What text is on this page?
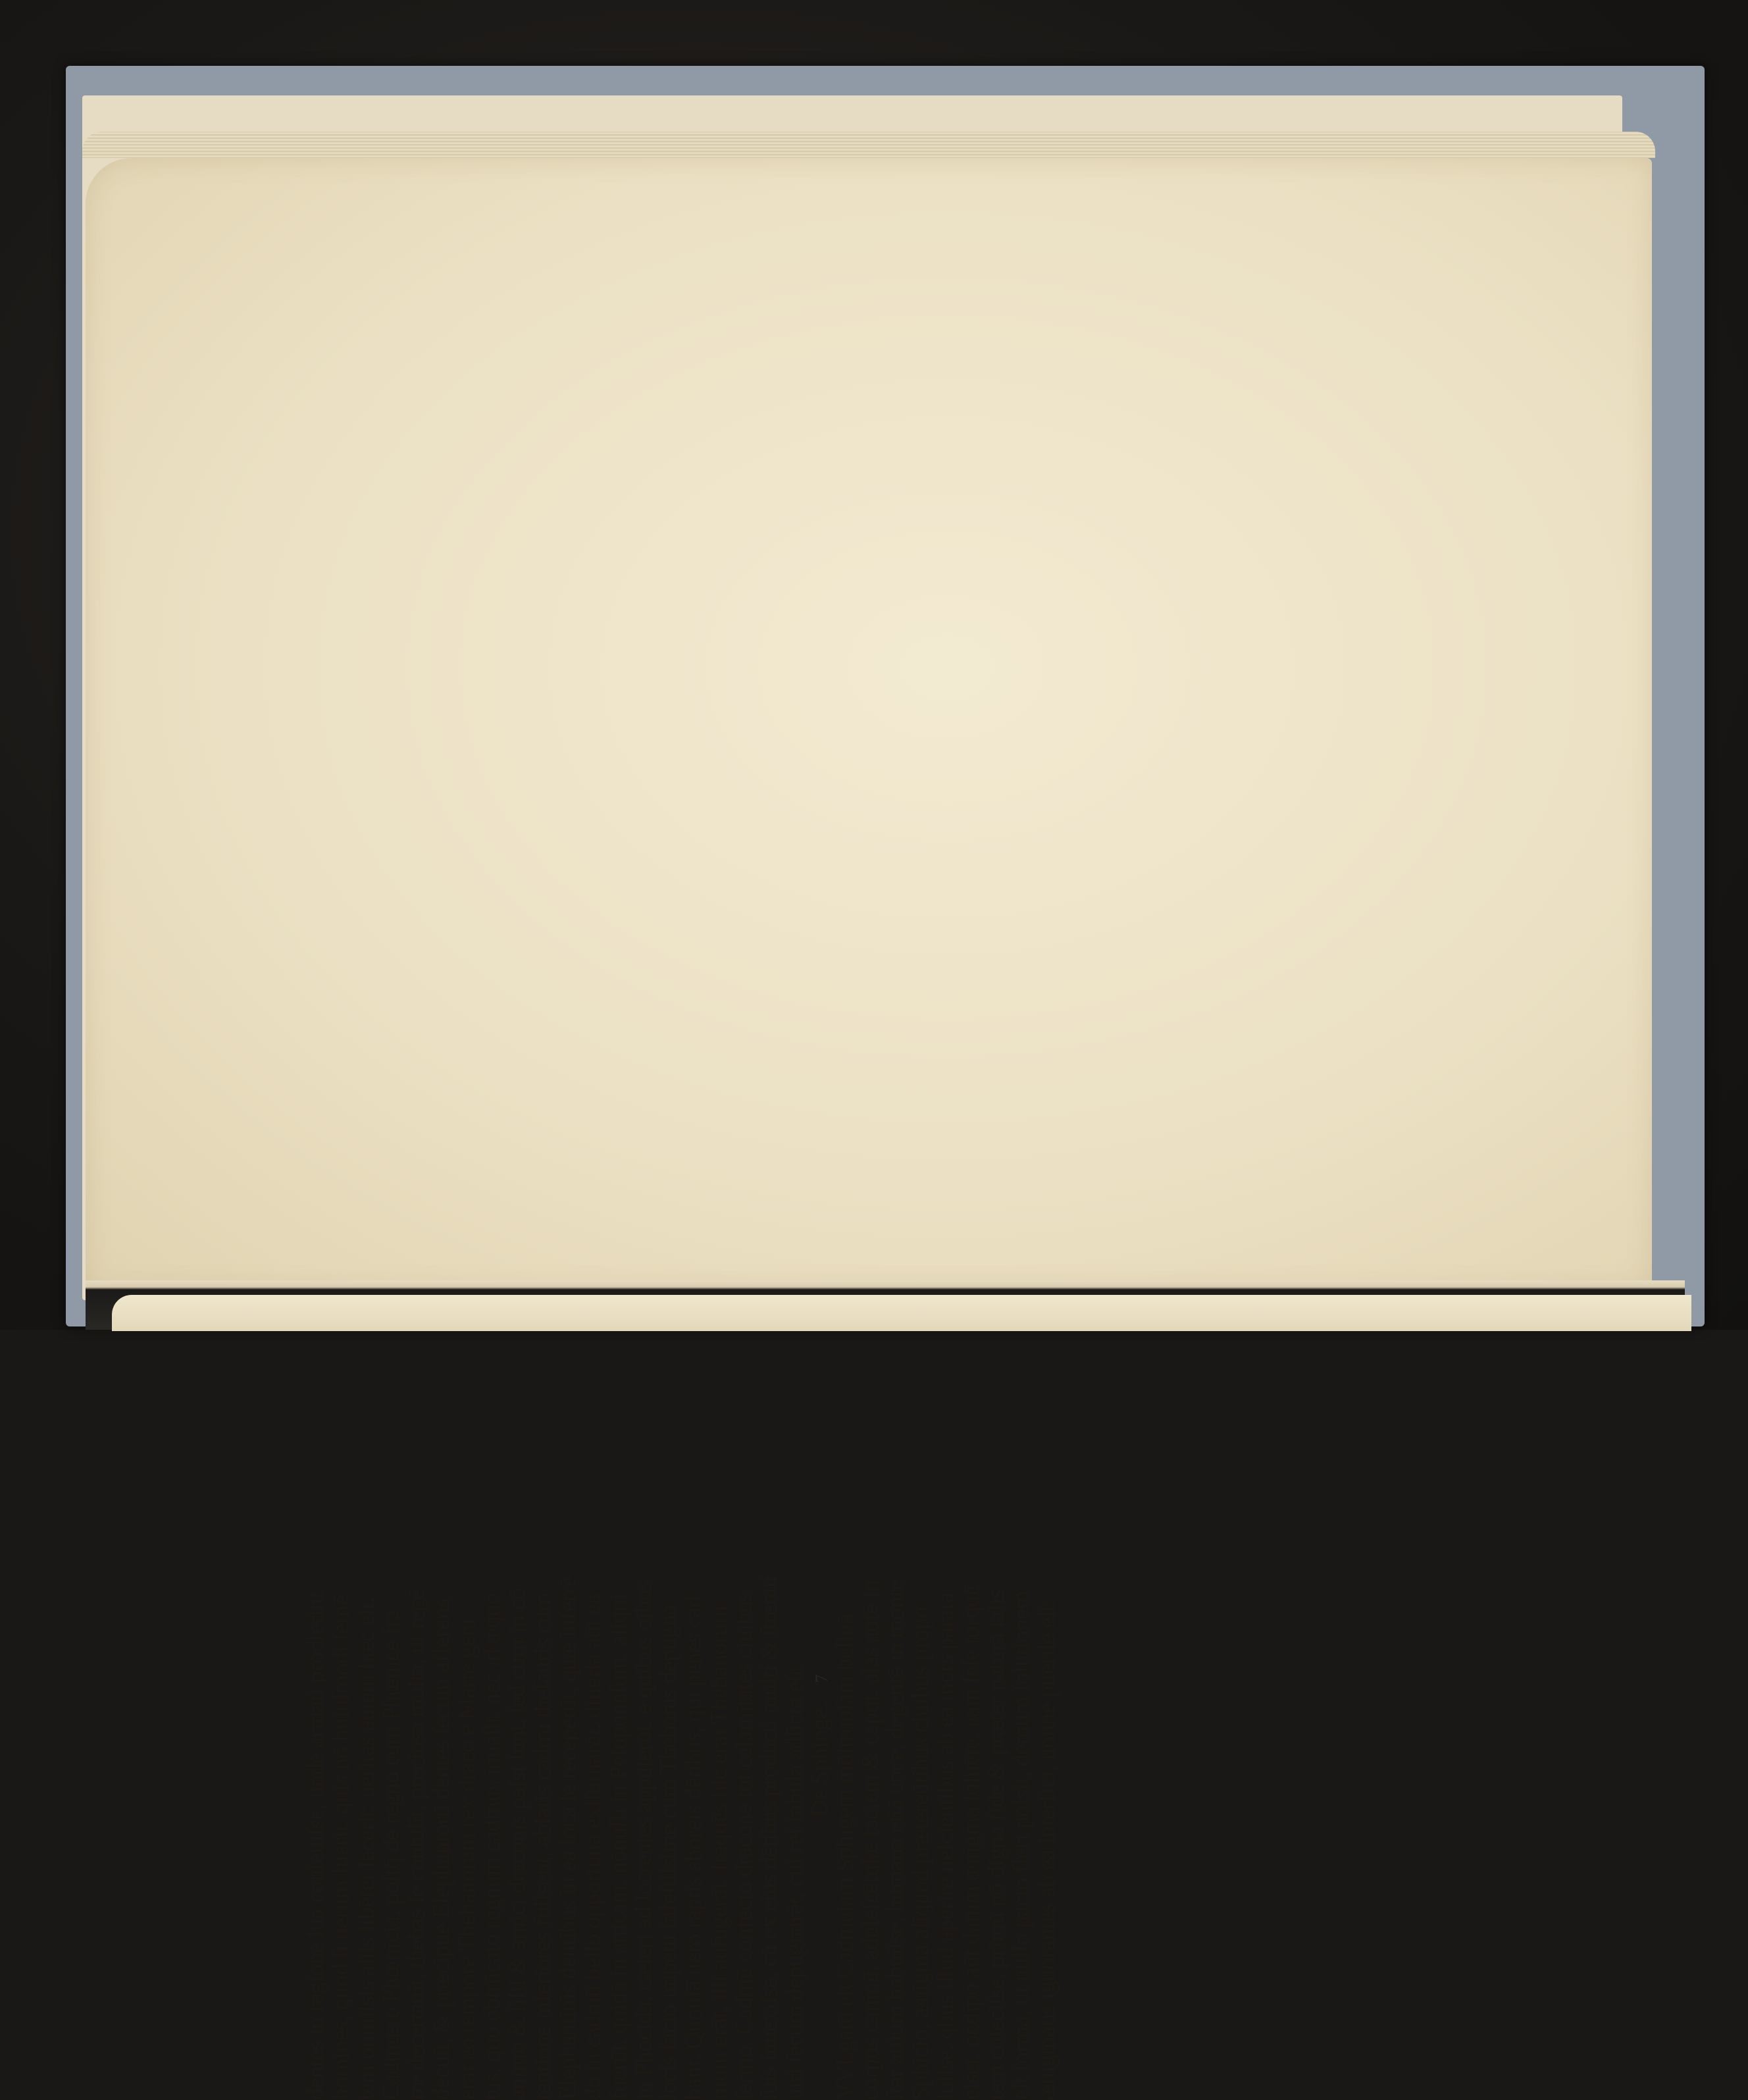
dentes in regione ſua conſeuiſse, unde armati prodierint
homines, quod ſi uerum fuerit, quis nō huiuſmodi ſemē
tem omniſsis aliis libēter ſecerit: ueritas autem hæc eſt.
Cadmus e Phœnicia, poſtq̄ de regno cum Phœnice fra
tre decertauit, thebas ſe contulit, preciosa multa, ut regē
decuit, & præcipue Elephantorū dentes ſecum afferens,
erat eo tempore Thebanorum rex draco e Marte geni
tus, quo obtrūcato regnum cadmus inuaſit: nec id æquo
animo & filii & amici draconis paſsi ſunt, ſed cum in cō
tentione inferiores fuiſsent, ablatis cadmi theſauris cum
Elephantinis dentibus in ea loca ſe receperūt, quæ inferrē
do in cadmū bello opportuna exiſtimarēt, diuerſa aūt ea
fuerūt, quidā in atticam, nōnulli in Peloponeſum, aliqui
in Phocida, cæteri ad locrenſes appulerūt. e quibus oībus
locis facto impetu infeſtiſsime cum Thebanis depugna
bant. Quoniā uero raptis eboreis dētibus, qui penes cad
mum erāt, illi aufugerāt, frequēs hic erat Thebanorum
ſermo. Cadmū confecto dracone tot calamitates ciuibus
ſuis inuexiſse, cū ex eius dētibus producti multi & ſtrenui
uiri ſecum depugnarēt, cui rei fabula adſicta eſt.
De Sphinge.7 VVLgatū eſt Cadmeiam Sphigem mōſtruoſam belluā
corpus caninū, aduleſcētulæ faciem & caput, alas autē in
ſtar auium habuiſse, humana etiā uoce, degentē in monte
Sphicio, ænigma aliquod prætereūtibus ciuibus propo
ſuiſse, qbus illud aperire neſcientibus ab ea mors parata
eſset, oedipo aūt datum ænigma ſoluēte, eam ſeſe torquē
tem cōſeciſse. primū nō digna fide & præter naturā talis
eſt forma, ut nullo pacto fieri poſsit, demum ſolutionem
ænigmatis ignorantes ab ea interfici, nonne puerile eſt:
